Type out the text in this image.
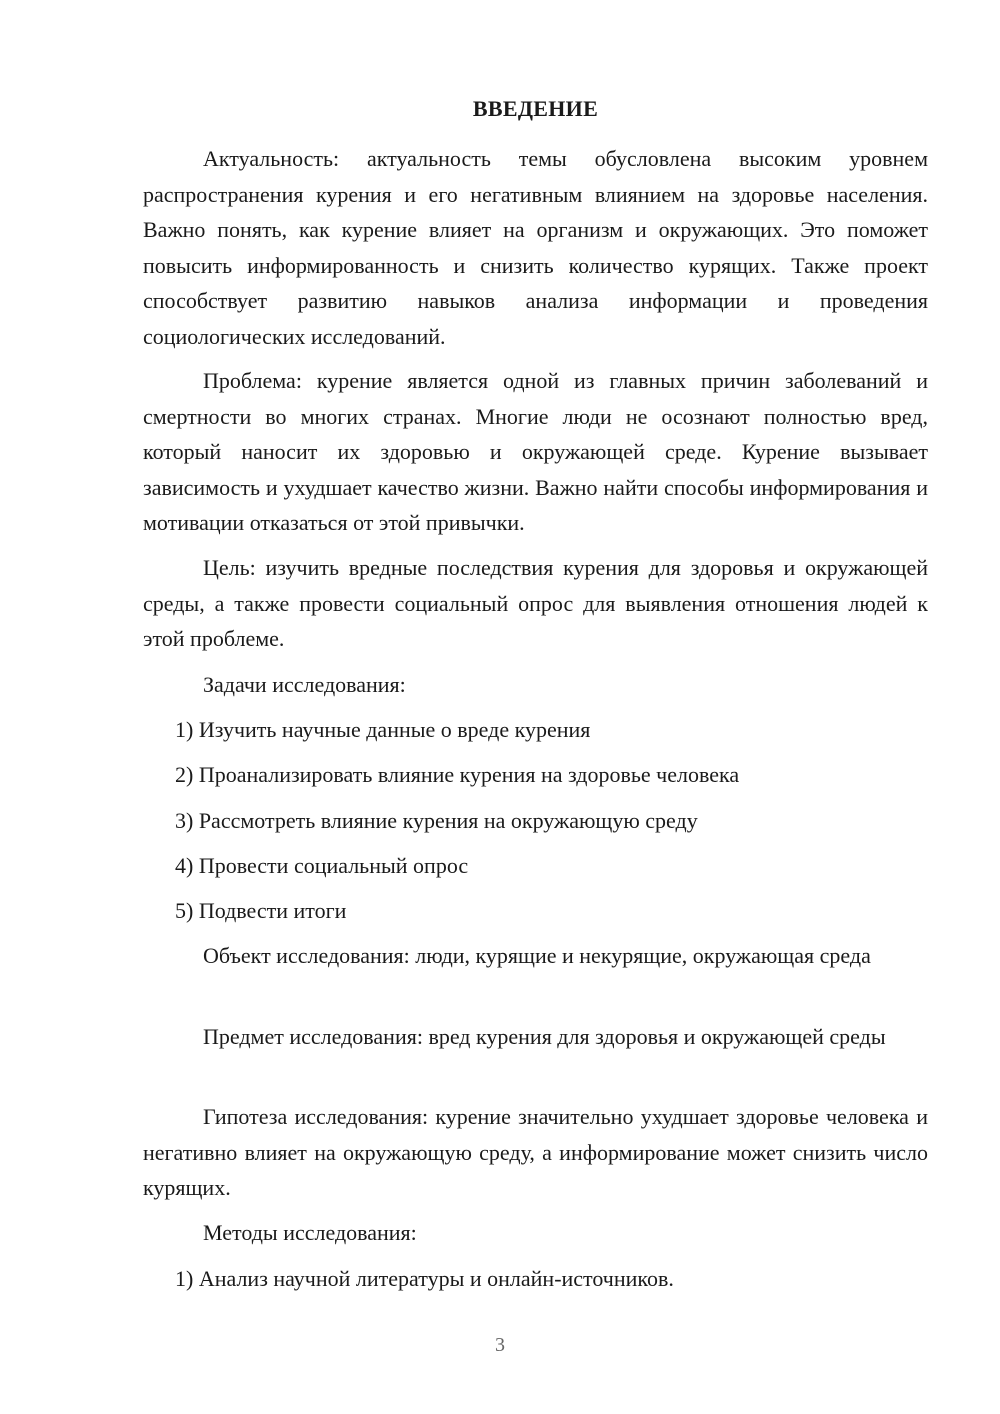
ВВЕДЕНИЕ

Актуальность: актуальность темы обусловлена высоким уровнем распространения курения и его негативным влиянием на здоровье населения. Важно понять, как курение влияет на организм и окружающих. Это поможет повысить информированность и снизить количество курящих. Также проект способствует развитию навыков анализа информации и проведения социологических исследований.

Проблема: курение является одной из главных причин заболеваний и смертности во многих странах. Многие люди не осознают полностью вред, который наносит их здоровью и окружающей среде. Курение вызывает зависимость и ухудшает качество жизни. Важно найти способы информирования и мотивации отказаться от этой привычки.

Цель: изучить вредные последствия курения для здоровья и окружающей среды, а также провести социальный опрос для выявления отношения людей к этой проблеме.

Задачи исследования:

1) Изучить научные данные о вреде курения

2) Проанализировать влияние курения на здоровье человека

3) Рассмотреть влияние курения на окружающую среду

4) Провести социальный опрос

5) Подвести итоги

Объект исследования: люди, курящие и некурящие, окружающая среда

Предмет исследования: вред курения для здоровья и окружающей среды

Гипотеза исследования: курение значительно ухудшает здоровье человека и негативно влияет на окружающую среду, а информирование может снизить число курящих.

Методы исследования:

1) Анализ научной литературы и онлайн-источников.

3
